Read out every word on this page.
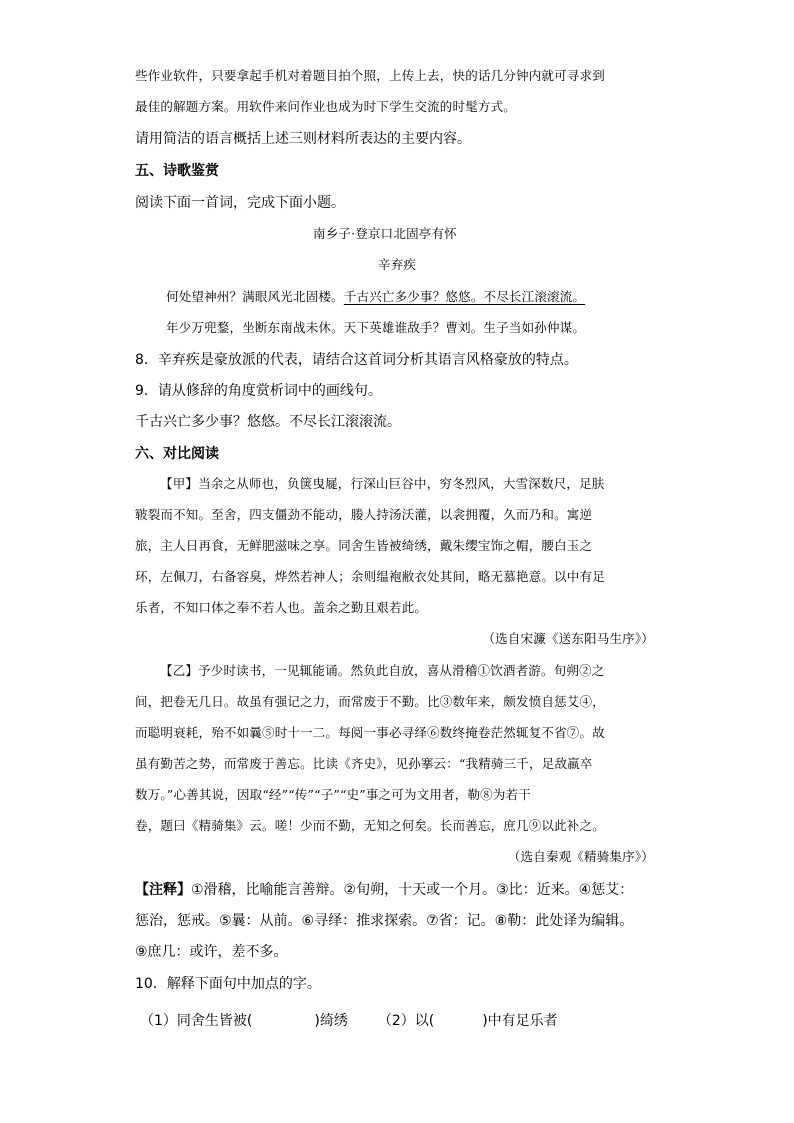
些作业软件，只要拿起手机对着题目拍个照，上传上去，快的话几分钟内就可寻求到
最佳的解题方案。用软件来问作业也成为时下学生交流的时髦方式。
请用简洁的语言概括上述三则材料所表达的主要内容。
五、诗歌鉴赏
阅读下面一首词，完成下面小题。
南乡子·登京口北固亭有怀
辛弃疾
何处望神州？满眼风光北固楼。千古兴亡多少事？悠悠。不尽长江滚滚流。
年少万兜鍪，坐断东南战未休。天下英雄谁敌手？曹刘。生子当如孙仲谋。
8．辛弃疾是豪放派的代表，请结合这首词分析其语言风格豪放的特点。
9．请从修辞的角度赏析词中的画线句。
千古兴亡多少事？悠悠。不尽长江滚滚流。
六、对比阅读
【甲】当余之从师也，负箧曳屣，行深山巨谷中，穷冬烈风，大雪深数尺，足肤
皲裂而不知。至舍，四支僵劲不能动，媵人持汤沃灌，以衾拥覆，久而乃和。寓逆
旅，主人日再食，无鲜肥滋味之享。同舍生皆被绮绣，戴朱缨宝饰之帽，腰白玉之
环，左佩刀，右备容臭，烨然若神人；余则缊袍敝衣处其间，略无慕艳意。以中有足
乐者，不知口体之奉不若人也。盖余之勤且艰若此。
（选自宋濂《送东阳马生序》）
【乙】予少时读书，一见辄能诵。然负此自放，喜从滑稽①饮酒者游。旬朔②之
间，把卷无几日。故虽有强记之力，而常废于不勤。比③数年来，颇发愤自惩艾④，
而聪明衰耗，殆不如曩⑤时十一二。每阅一事必寻绎⑥数终掩卷茫然辄复不省⑦。故
虽有勤苦之势，而常废于善忘。比读《齐史》，见孙搴云：“我精骑三千，足敌羸卒
数万。”心善其说，因取“经”“传”“子”“史”事之可为文用者，勒⑧为若干
卷，题曰《精骑集》云。嗟！少而不勤，无知之何矣。长而善忘，庶几⑨以此补之。
（选自秦观《精骑集序》）
【注释】①滑稽，比喻能言善辩。②旬朔，十天或一个月。③比：近来。④惩艾：
惩治，惩戒。⑤曩：从前。⑥寻绎：推求探索。⑦省：记。⑧勒：此处译为编辑。
⑨庶几：或许，差不多。
10．解释下面句中加点的字。
（1）同舍生皆被(	)绮绣 （2）以(	)中有足乐者
